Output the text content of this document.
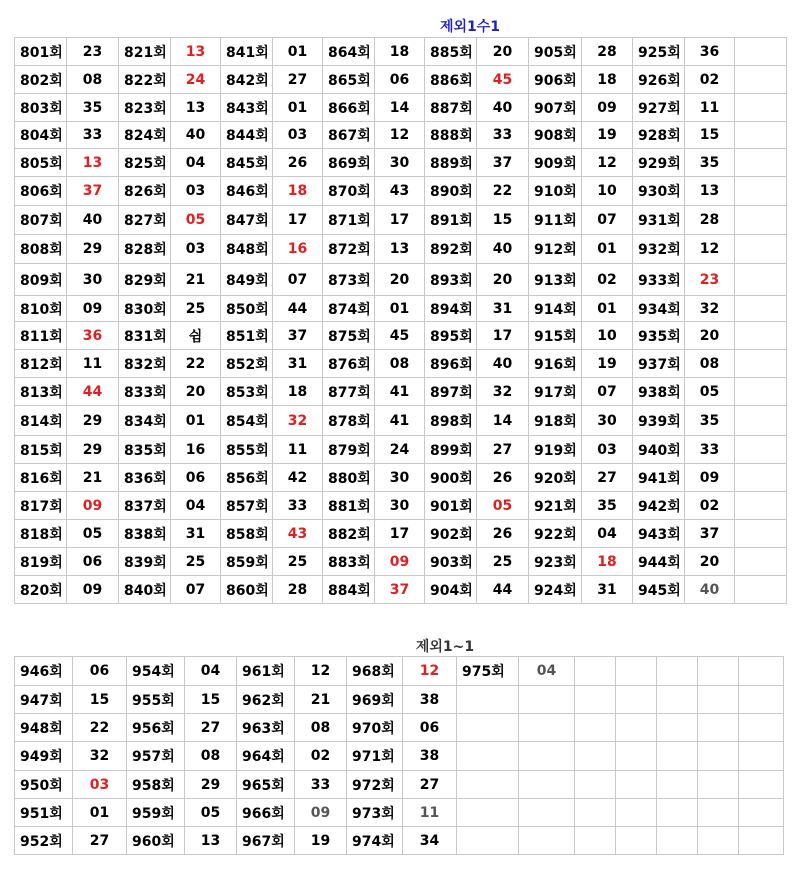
제외1수1
801회	23	821회	13	841회	01	864회	18	885회	20	905회	28	925회	36	
802회	08	822회	24	842회	27	865회	06	886회	45	906회	18	926회	02	
803회	35	823회	13	843회	01	866회	14	887회	40	907회	09	927회	11	
804회	33	824회	40	844회	03	867회	12	888회	33	908회	19	928회	15	
805회	13	825회	04	845회	26	869회	30	889회	37	909회	12	929회	35	
806회	37	826회	03	846회	18	870회	43	890회	22	910회	10	930회	13	
807회	40	827회	05	847회	17	871회	17	891회	15	911회	07	931회	28	
808회	29	828회	03	848회	16	872회	13	892회	40	912회	01	932회	12	
809회	30	829회	21	849회	07	873회	20	893회	20	913회	02	933회	23	
810회	09	830회	25	850회	44	874회	01	894회	31	914회	01	934회	32	
811회	36	831회	쉼	851회	37	875회	45	895회	17	915회	10	935회	20	
812회	11	832회	22	852회	31	876회	08	896회	40	916회	19	937회	08	
813회	44	833회	20	853회	18	877회	41	897회	32	917회	07	938회	05	
814회	29	834회	01	854회	32	878회	41	898회	14	918회	30	939회	35	
815회	29	835회	16	855회	11	879회	24	899회	27	919회	03	940회	33	
816회	21	836회	06	856회	42	880회	30	900회	26	920회	27	941회	09	
817회	09	837회	04	857회	33	881회	30	901회	05	921회	35	942회	02	
818회	05	838회	31	858회	43	882회	17	902회	26	922회	04	943회	37	
819회	06	839회	25	859회	25	883회	09	903회	25	923회	18	944회	20	
820회	09	840회	07	860회	28	884회	37	904회	44	924회	31	945회	40	
제외1~1
946회	06	954회	04	961회	12	968회	12	975회	04					
947회	15	955회	15	962회	21	969회	38							
948회	22	956회	27	963회	08	970회	06							
949회	32	957회	08	964회	02	971회	38							
950회	03	958회	29	965회	33	972회	27							
951회	01	959회	05	966회	09	973회	11							
952회	27	960회	13	967회	19	974회	34							
